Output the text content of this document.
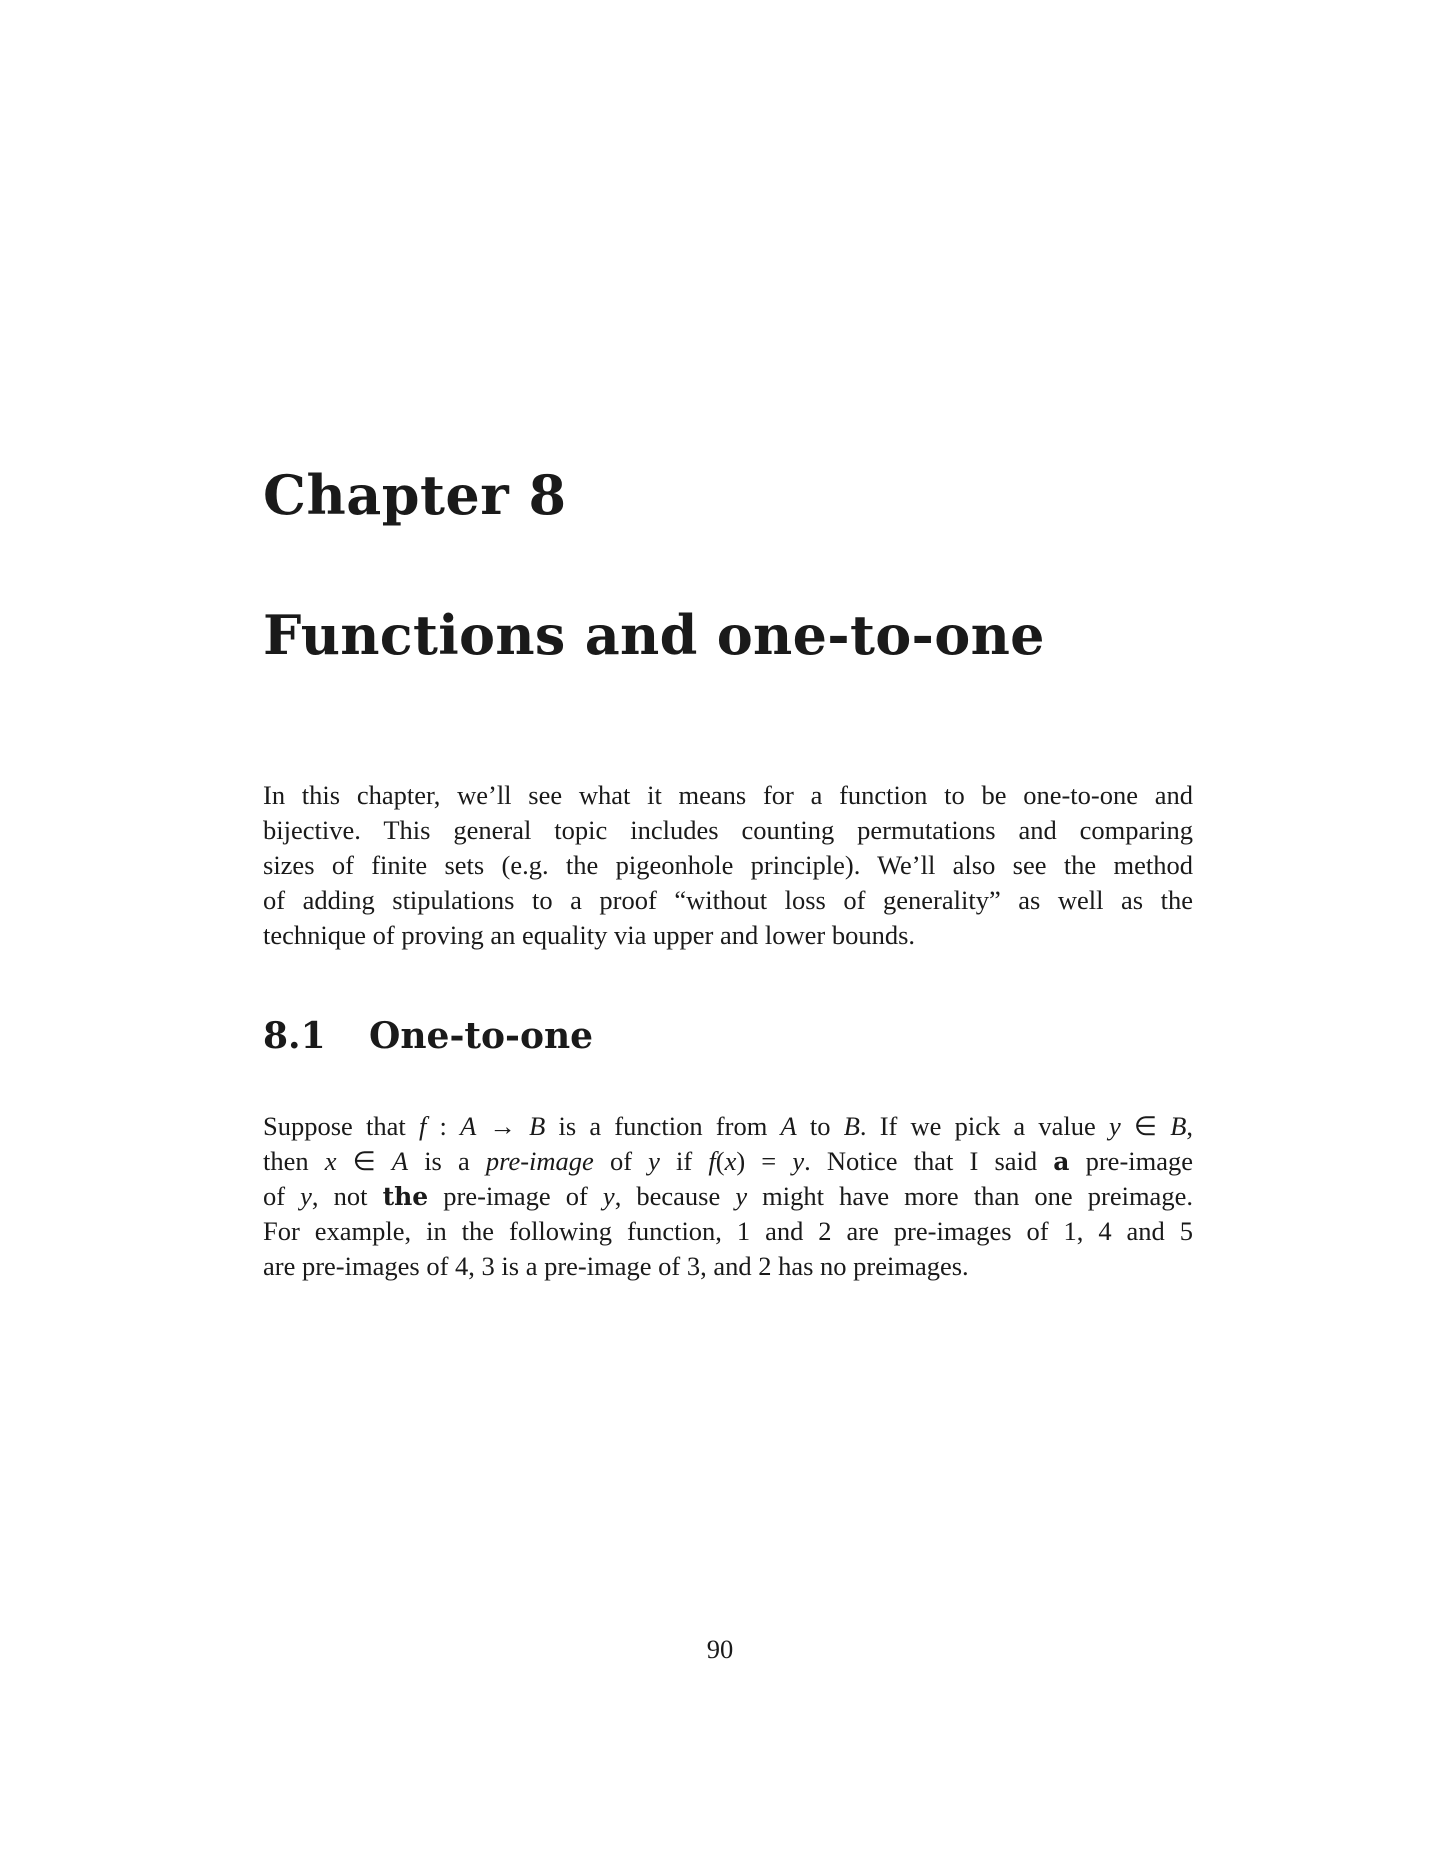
Chapter 8
Functions and one-to-one

In this chapter, we’ll see what it means for a function to be one-to-one and
bijective. This general topic includes counting permutations and comparing
sizes of finite sets (e.g. the pigeonhole principle). We’ll also see the method
of adding stipulations to a proof “without loss of generality” as well as the
technique of proving an equality via upper and lower bounds.

8.1 One-to-one

Suppose that f : A → B is a function from A to B. If we pick a value y ∈ B,
then x ∈ A is a pre-image of y if f(x) = y. Notice that I said a pre-image
of y, not the pre-image of y, because y might have more than one preimage.
For example, in the following function, 1 and 2 are pre-images of 1, 4 and 5
are pre-images of 4, 3 is a pre-image of 3, and 2 has no preimages.

90
